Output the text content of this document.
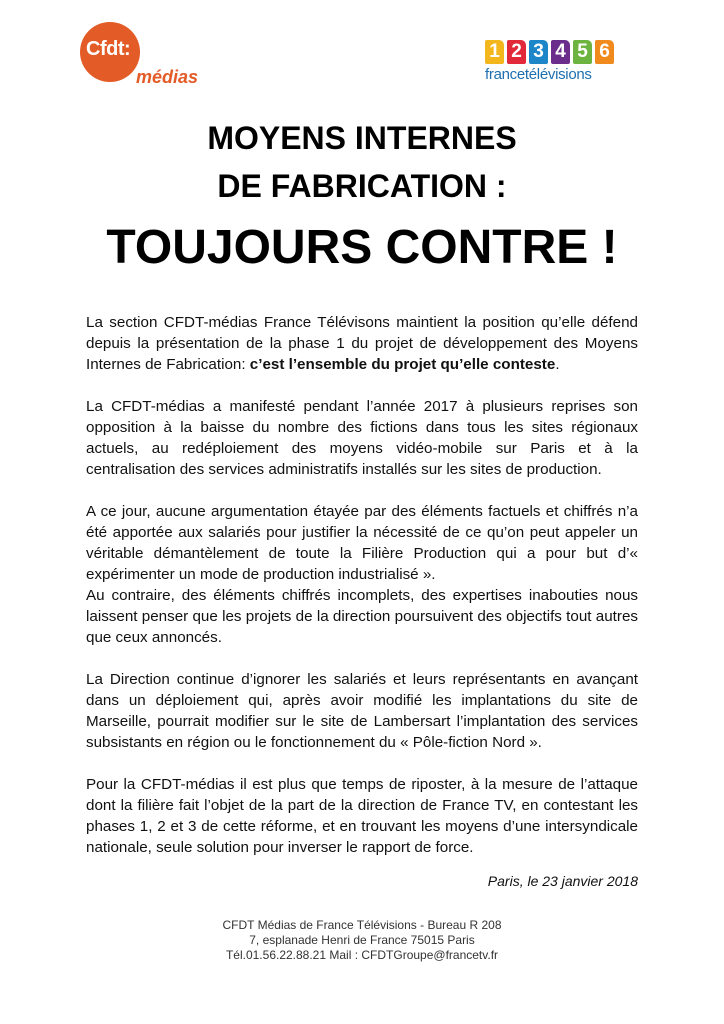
Cfdt:
médias
1 2 3 4 5 6
francetélévisions
MOYENS INTERNES
DE FABRICATION :
TOUJOURS CONTRE !

La section CFDT-médias France Télévisons maintient la position qu’elle défend depuis la présentation de la phase 1 du projet de développement des Moyens Internes de Fabrication: c’est l’ensemble du projet qu’elle conteste.

La CFDT-médias a manifesté pendant l’année 2017 à plusieurs reprises son opposition à la baisse du nombre des fictions dans tous les sites régionaux actuels, au redéploiement des moyens vidéo-mobile sur Paris et à la centralisation des services administratifs installés sur les sites de production.

A ce jour, aucune argumentation étayée par des éléments factuels et chiffrés n’a été apportée aux salariés pour justifier la nécessité de ce qu’on peut appeler un véritable démantèlement de toute la Filière Production qui a pour but d’« expérimenter un mode de production industrialisé ».

Au contraire, des éléments chiffrés incomplets, des expertises inabouties nous laissent penser que les projets de la direction poursuivent des objectifs tout autres que ceux annoncés.

La Direction continue d’ignorer les salariés et leurs représentants en avançant dans un déploiement qui, après avoir modifié les implantations du site de Marseille, pourrait modifier sur le site de Lambersart l’implantation des services subsistants en région ou le fonctionnement du « Pôle-fiction Nord ».

Pour la CFDT-médias il est plus que temps de riposter, à la mesure de l’attaque dont la filière fait l’objet de la part de la direction de France TV, en contestant les phases 1, 2 et 3 de cette réforme, et en trouvant les moyens d’une intersyndicale nationale, seule solution pour inverser le rapport de force.

Paris, le 23 janvier 2018
CFDT Médias de France Télévisions - Bureau R 208
7, esplanade Henri de France 75015 Paris
Tél.01.56.22.88.21 Mail : CFDTGroupe@francetv.fr
